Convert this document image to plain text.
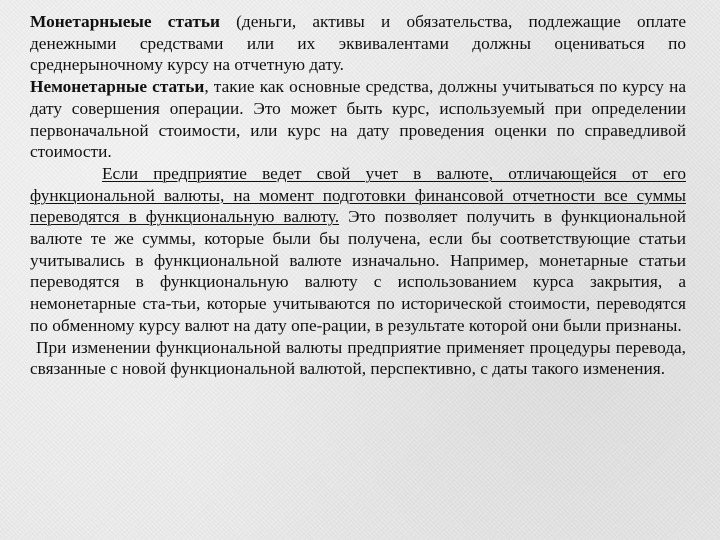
Монетарныеые статьи (деньги, активы и обязательства, подлежащие оплате денежными средствами или их эквивалентами должны оцениваться по среднерыночному курсу на отчетную дату.

Немонетарные статьи, такие как основные средства, должны учитываться по курсу на дату совершения операции. Это может быть курс, используемый при определении первоначальной стоимости, или курс на дату проведения оценки по справедливой стоимости.

Если предприятие ведет свой учет в валюте, отличающейся от его функциональной валюты, на момент подготовки финансовой отчетности все суммы переводятся в функциональную валюту. Это позволяет получить в функциональной валюте те же суммы, которые были бы получена, если бы соответствующие статьи учитывались в функциональной валюте изначально. Например, монетарные статьи переводятся в функциональную валюту с использованием курса закрытия, а немонетарные ста-тьи, которые учитываются по исторической стоимости, переводятся по обменному курсу валют на дату опе-рации, в результате которой они были признаны.

При изменении функциональной валюты предприятие применяет процедуры перевода, связанные с новой функциональной валютой, перспективно, с даты такого изменения.
